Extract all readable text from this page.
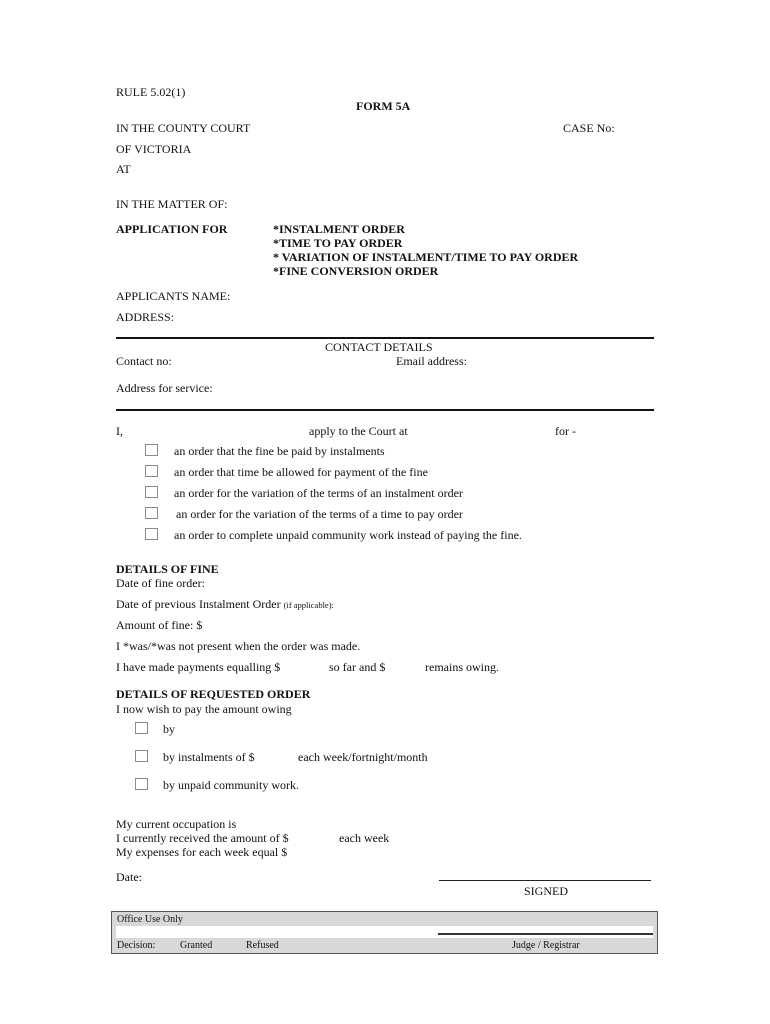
RULE 5.02(1)
FORM 5A
IN THE COUNTY COURT	CASE No:
OF VICTORIA
AT
IN THE MATTER OF:
APPLICATION FOR	*INSTALMENT ORDER
*TIME TO PAY ORDER
* VARIATION OF INSTALMENT/TIME TO PAY ORDER
*FINE CONVERSION ORDER
APPLICANTS NAME:
ADDRESS:
CONTACT DETAILS
Contact no:	Email address:
Address for service:
I,	apply to the Court at	for -
an order that the fine be paid by instalments
an order that time be allowed for payment of the fine
an order for the variation of the terms of an instalment order
an order for the variation of the terms of a time to pay order
an order to complete unpaid community work instead of paying the fine.
DETAILS OF FINE
Date of fine order:
Date of previous Instalment Order (if applicable):
Amount of fine: $
I *was/*was not present when the order was made.
I have made payments equalling $	so far and $	remains owing.
DETAILS OF REQUESTED ORDER
I now wish to pay the amount owing
by
by instalments of $	each week/fortnight/month
by unpaid community work.
My current occupation is
I currently received the amount of $	each week
My expenses for each week equal $
Date:
SIGNED
Office Use Only
Decision: Granted	Refused	Judge / Registrar
